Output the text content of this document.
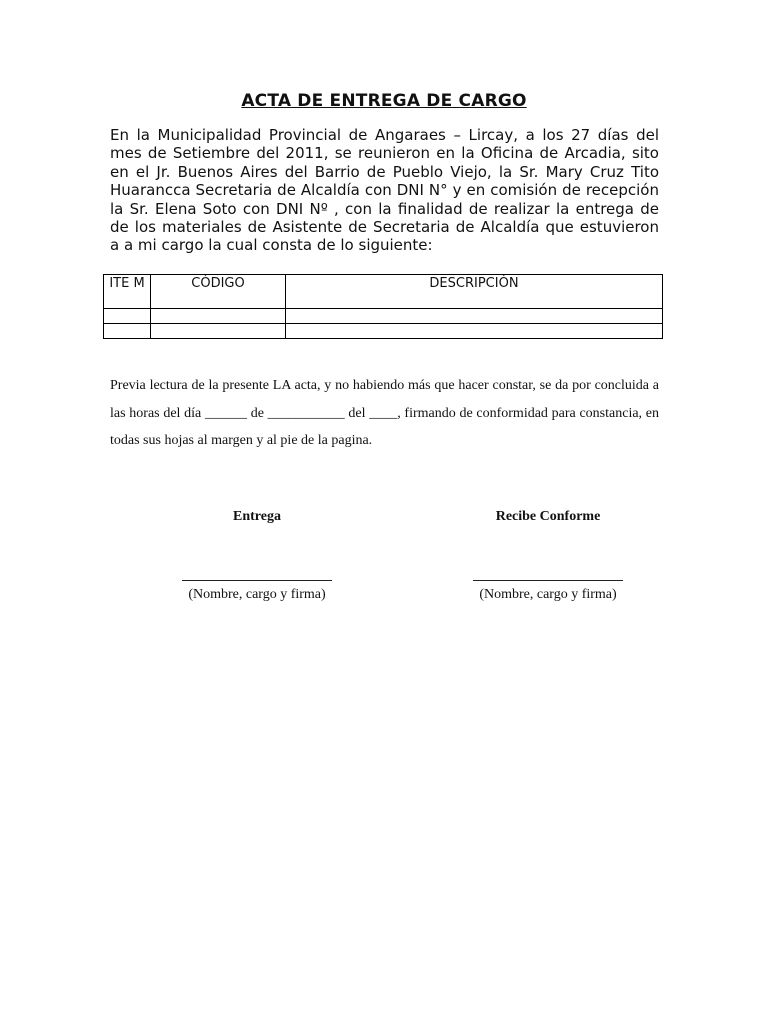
ACTA DE ENTREGA DE CARGO
En la Municipalidad Provincial de Angaraes – Lircay, a los 27 días del mes de Setiembre del 2011, se reunieron en la Oficina de Arcadia, sito en el Jr. Buenos Aires del Barrio de Pueblo Viejo, la Sr. Mary Cruz Tito Huarancca Secretaria de Alcaldía con DNI N° y en comisión de recepción la Sr. Elena Soto con DNI Nº , con la finalidad de realizar la entrega de de los materiales de Asistente de Secretaria de Alcaldía que estuvieron a a mi cargo la cual consta de lo siguiente:
ITE M	CÓDIGO	DESCRIPCIÓN

Previa lectura de la presente LA acta, y no habiendo más que hacer constar, se da por concluida a las horas del día ______ de ___________ del ____, firmando de conformidad para constancia, en todas sus hojas al margen y al pie de la pagina.
Entrega
(Nombre, cargo y firma)
Recibe Conforme
(Nombre, cargo y firma)
